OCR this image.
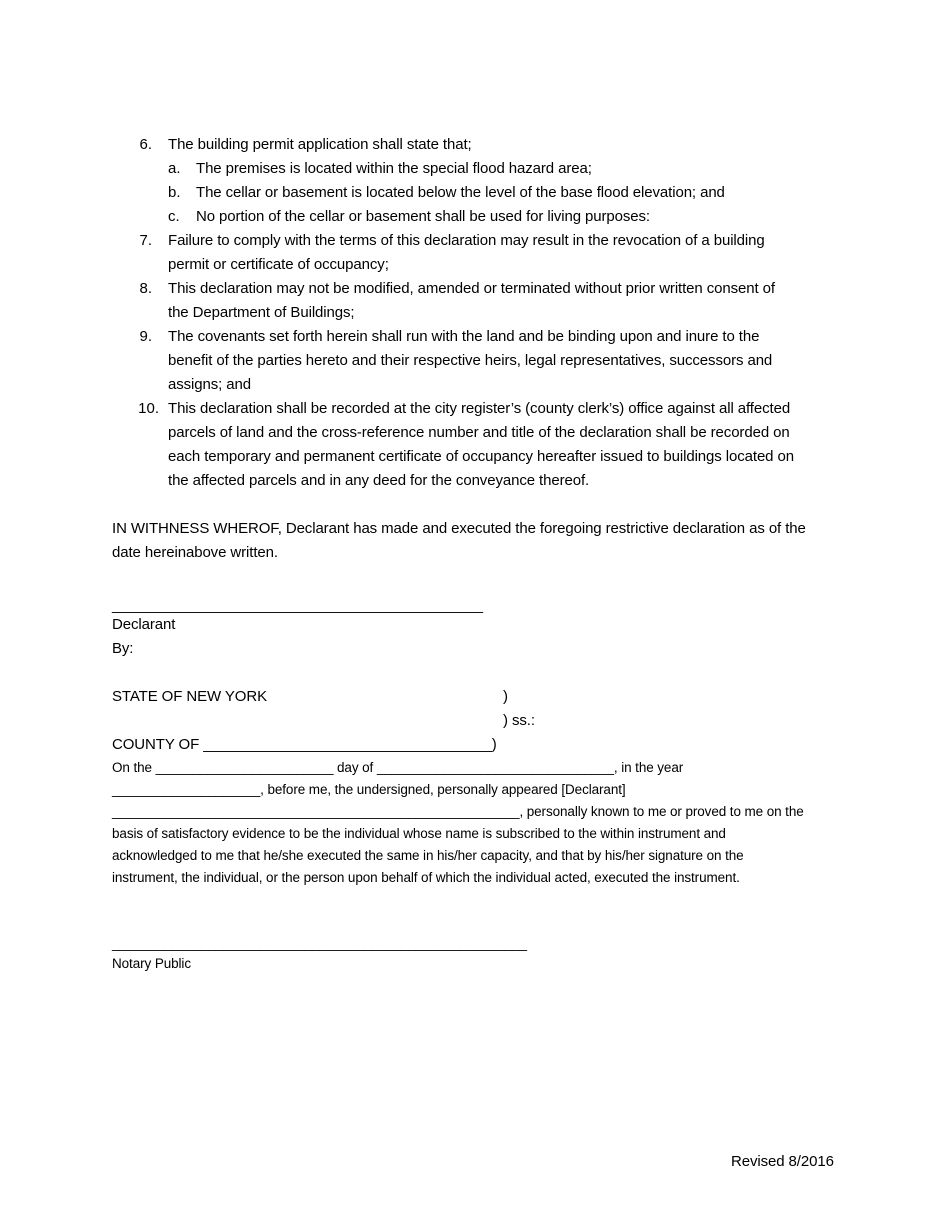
6. The building permit application shall state that;
a. The premises is located within the special flood hazard area;
b. The cellar or basement is located below the level of the base flood elevation; and
c. No portion of the cellar or basement shall be used for living purposes:
7. Failure to comply with the terms of this declaration may result in the revocation of a building
permit or certificate of occupancy;
8. This declaration may not be modified, amended or terminated without prior written consent of
the Department of Buildings;
9. The covenants set forth herein shall run with the land and be binding upon and inure to the
benefit of the parties hereto and their respective heirs, legal representatives, successors and
assigns; and
10. This declaration shall be recorded at the city register’s (county clerk’s) office against all affected
parcels of land and the cross-reference number and title of the declaration shall be recorded on
each temporary and permanent certificate of occupancy hereafter issued to buildings located on
the affected parcels and in any deed for the conveyance thereof.
IN WITHNESS WHEROF, Declarant has made and executed the foregoing restrictive declaration as of the
date hereinabove written.
_____________________________________________
Declarant
By:
STATE OF NEW YORK	)
) ss.:
COUNTY OF ___________________________________)
On the ________________________ day of ________________________________, in the year
____________________, before me, the undersigned, personally appeared [Declarant]
_______________________________________________________, personally known to me or proved to me on the
basis of satisfactory evidence to be the individual whose name is subscribed to the within instrument and
acknowledged to me that he/she executed the same in his/her capacity, and that by his/her signature on the
instrument, the individual, or the person upon behalf of which the individual acted, executed the instrument.
________________________________________________________
Notary Public
Revised 8/2016
